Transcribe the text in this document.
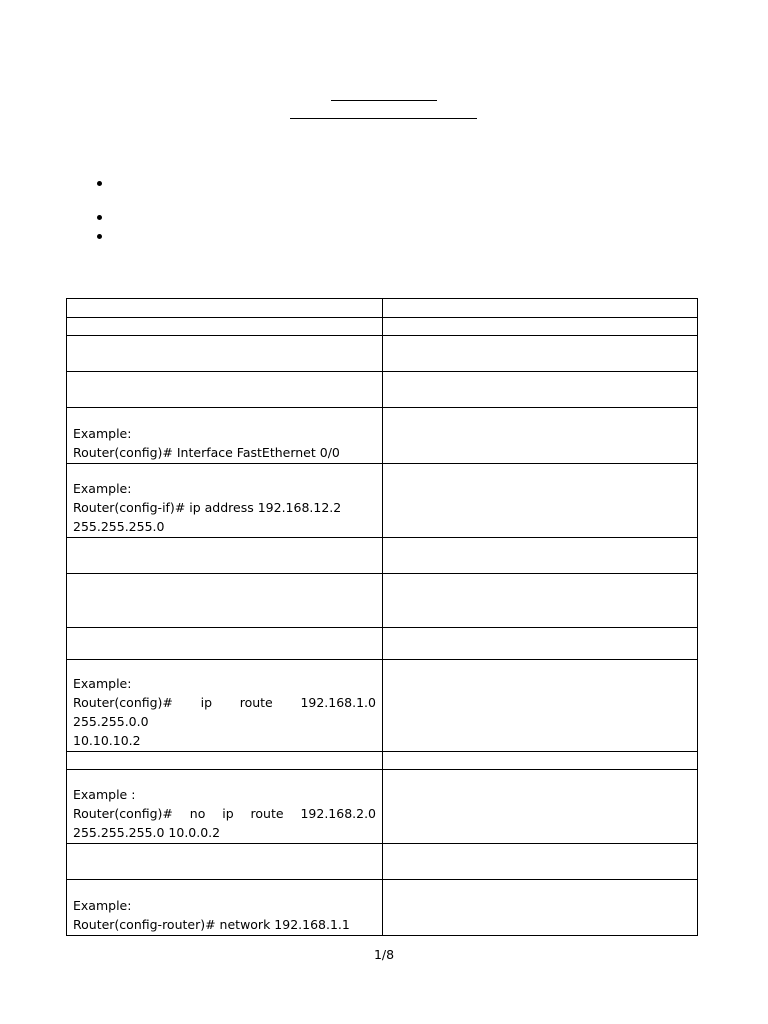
Example:
Router(config)# Interface FastEthernet 0/0	

Example:
Router(config-if)# ip address 192.168.12.2
255.255.255.0	

Example:
Router(config)# ip route 192.168.1.0 255.255.0.0
10.10.10.2	

Example :
Router(config)# no ip route 192.168.2.0
255.255.255.0 10.0.0.2	

Example:
Router(config-router)# network 192.168.1.1	

1/8
